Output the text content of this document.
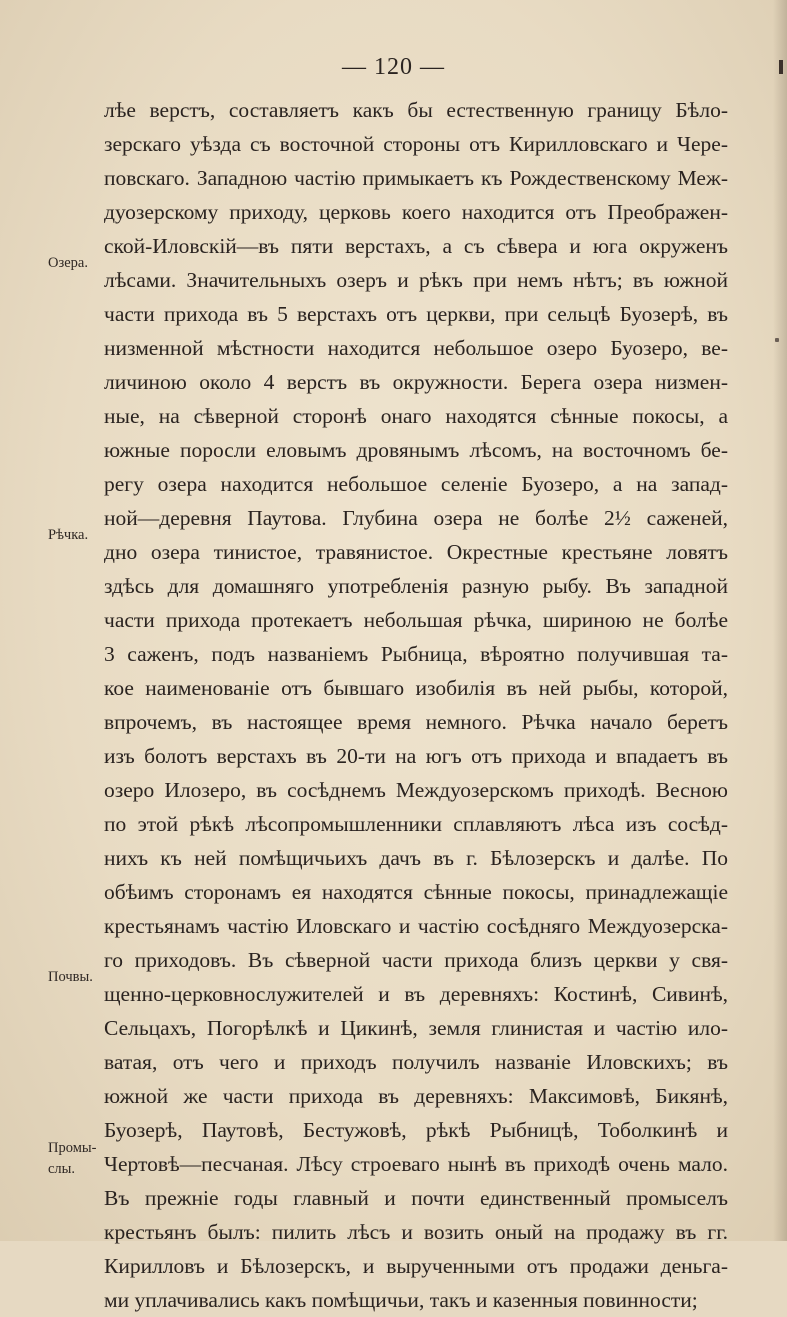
— 120 —
Озера.
Рѣчка.
Почвы.
Промы-
слы.
лѣе верстъ, составляетъ какъ бы естественную границу Бѣло-
зерскаго уѣзда съ восточной стороны отъ Кирилловскаго и Чере-
повскаго. Западною частію примыкаетъ къ Рождественскому Меж-
дуозерскому приходу, церковь коего находится отъ Преображен-
ской-Иловскій—въ пяти верстахъ, а съ сѣвера и юга окруженъ
лѣсами. Значительныхъ озеръ и рѣкъ при немъ нѣтъ; въ южной
части прихода въ 5 верстахъ отъ церкви, при сельцѣ Буозерѣ, въ
низменной мѣстности находится небольшое озеро Буозеро, ве-
личиною около 4 верстъ въ окружности. Берега озера низмен-
ные, на сѣверной сторонѣ онаго находятся сѣнные покосы, а
южные поросли еловымъ дровянымъ лѣсомъ, на восточномъ бе-
регу озера находится небольшое селеніе Буозеро, а на запад-
ной—деревня Паутова. Глубина озера не болѣе 2½ саженей,
дно озера тинистое, травянистое. Окрестные крестьяне ловятъ
здѣсь для домашняго употребленія разную рыбу. Въ западной
части прихода протекаетъ небольшая рѣчка, шириною не болѣе
3 саженъ, подъ названіемъ Рыбница, вѣроятно получившая та-
кое наименованіе отъ бывшаго изобилія въ ней рыбы, которой,
впрочемъ, въ настоящее время немного. Рѣчка начало беретъ
изъ болотъ верстахъ въ 20-ти на югъ отъ прихода и впадаетъ въ
озеро Илозеро, въ сосѣднемъ Междуозерскомъ приходѣ. Весною
по этой рѣкѣ лѣсопромышленники сплавляютъ лѣса изъ сосѣд-
нихъ къ ней помѣщичьихъ дачъ въ г. Бѣлозерскъ и далѣе. По
обѣимъ сторонамъ ея находятся сѣнные покосы, принадлежащіе
крестьянамъ частію Иловскаго и частію сосѣдняго Междуозерска-
го приходовъ. Въ сѣверной части прихода близъ церкви у свя-
щенно-церковнослужителей и въ деревняхъ: Костинѣ, Сивинѣ,
Сельцахъ, Погорѣлкѣ и Цикинѣ, земля глинистая и частію ило-
ватая, отъ чего и приходъ получилъ названіе Иловскихъ; въ
южной же части прихода въ деревняхъ: Максимовѣ, Бикянѣ,
Буозерѣ, Паутовѣ, Бестужовѣ, рѣкѣ Рыбницѣ, Тоболкинѣ и
Чертовѣ—песчаная. Лѣсу строеваго нынѣ въ приходѣ очень мало.
Въ прежніе годы главный и почти единственный промыселъ
крестьянъ былъ: пилить лѣсъ и возить оный на продажу въ гг.
Кирилловъ и Бѣлозерскъ, и вырученными отъ продажи деньга-
ми уплачивались какъ помѣщичьи, такъ и казенныя повинности;
